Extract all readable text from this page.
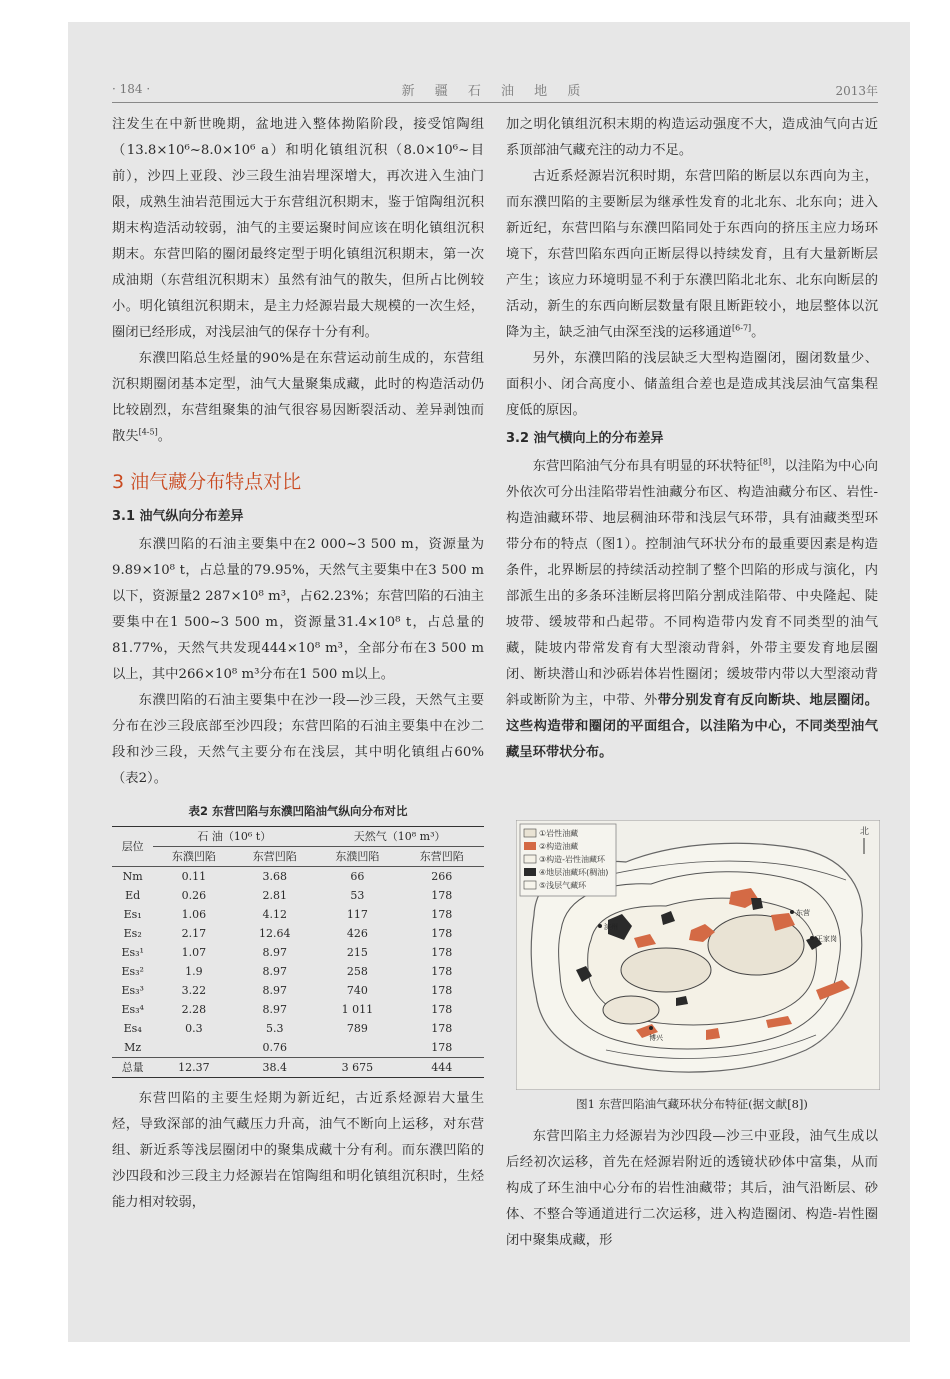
· 184 ·	新 疆 石 油 地 质	2013年

注发生在中新世晚期，盆地进入整体拗陷阶段，接受馆陶组（13.8×10⁶~8.0×10⁶ a）和明化镇组沉积（8.0×10⁶~目前），沙四上亚段、沙三段生油岩埋深增大，再次进入生油门限，成熟生油岩范围远大于东营组沉积期末，鉴于馆陶组沉积期末构造活动较弱，油气的主要运聚时间应该在明化镇组沉积期末。东营凹陷的圈闭最终定型于明化镇组沉积期末，第一次成油期（东营组沉积期末）虽然有油气的散失，但所占比例较小。明化镇组沉积期末，是主力烃源岩最大规模的一次生烃，圈闭已经形成，对浅层油气的保存十分有利。

东濮凹陷总生烃量的90%是在东营运动前生成的，东营组沉积期圈闭基本定型，油气大量聚集成藏，此时的构造活动仍比较剧烈，东营组聚集的油气很容易因断裂活动、差异剥蚀而散失[4-5]。

3 油气藏分布特点对比
3.1 油气纵向分布差异

东濮凹陷的石油主要集中在2 000~3 500 m，资源量为9.89×10⁸ t，占总量的79.95%，天然气主要集中在3 500 m以下，资源量2 287×10⁸ m³，占62.23%；东营凹陷的石油主要集中在1 500~3 500 m，资源量31.4×10⁸ t，占总量的81.77%，天然气共发现444×10⁸ m³，全部分布在3 500 m以上，其中266×10⁸ m³分布在1 500 m以上。

东濮凹陷的石油主要集中在沙一段—沙三段，天然气主要分布在沙三段底部至沙四段；东营凹陷的石油主要集中在沙二段和沙三段，天然气主要分布在浅层，其中明化镇组占60%（表2）。

表2 东营凹陷与东濮凹陷油气纵向分布对比
层位	石 油（10⁶ t）		天然气（10⁸ m³）	
	东濮凹陷	东营凹陷	东濮凹陷	东营凹陷
Nm	0.11	3.68	66	266
Ed	0.26	2.81	53	178
Es₁	1.06	4.12	117	178
Es₂	2.17	12.64	426	178
Es₃¹	1.07	8.97	215	178
Es₃²	1.9	8.97	258	178
Es₃³	3.22	8.97	740	178
Es₃⁴	2.28	8.97	1 011	178
Es₄	0.3	5.3	789	178
Mz		0.76		178
总量	12.37	38.4	3 675	444

东营凹陷的主要生烃期为新近纪，古近系烃源岩大量生烃，导致深部的油气藏压力升高，油气不断向上运移，对东营组、新近系等浅层圈闭中的聚集成藏十分有利。而东濮凹陷的沙四段和沙三段主力烃源岩在馆陶组和明化镇组沉积时，生烃能力相对较弱，

加之明化镇组沉积末期的构造运动强度不大，造成油气向古近系顶部油气藏充注的动力不足。

古近系烃源岩沉积时期，东营凹陷的断层以东西向为主，而东濮凹陷的主要断层为继承性发育的北北东、北东向；进入新近纪，东营凹陷与东濮凹陷同处于东西向的挤压主应力场环境下，东营凹陷东西向正断层得以持续发育，且有大量新断层产生；该应力环境明显不利于东濮凹陷北北东、北东向断层的活动，新生的东西向断层数量有限且断距较小，地层整体以沉降为主，缺乏油气由深至浅的运移通道[6-7]。

另外，东濮凹陷的浅层缺乏大型构造圈闭，圈闭数量少、面积小、闭合高度小、储盖组合差也是造成其浅层油气富集程度低的原因。

3.2 油气横向上的分布差异

东营凹陷油气分布具有明显的环状特征[8]，以洼陷为中心向外依次可分出洼陷带岩性油藏分布区、构造油藏分布区、岩性-构造油藏环带、地层稠油环带和浅层气环带，具有油藏类型环带分布的特点（图1）。控制油气环状分布的最重要因素是构造条件，北界断层的持续活动控制了整个凹陷的形成与演化，内部派生出的多条环洼断层将凹陷分割成洼陷带、中央隆起、陡坡带、缓坡带和凸起带。不同构造带内发育不同类型的油气藏，陡坡内带常发育有大型滚动背斜，外带主要发育地层圈闭、断块潜山和沙砾岩体岩性圈闭；缓坡带内带以大型滚动背斜或断阶为主，中带、外带分别发育有反向断块、地层圈闭。这些构造带和圈闭的平面组合，以洼陷为中心，不同类型油气藏呈环带状分布。

①岩性油藏
②构造油藏
③构造-岩性油藏环
④地层油藏环(稠油)
⑤浅层气藏环
北
东营
王家岗
滨州
博兴
图1 东营凹陷油气藏环状分布特征(据文献[8])

东营凹陷主力烃源岩为沙四段—沙三中亚段，油气生成以后经初次运移，首先在烃源岩附近的透镜状砂体中富集，从而构成了环生油中心分布的岩性油藏带；其后，油气沿断层、砂体、不整合等通道进行二次运移，进入构造圈闭、构造-岩性圈闭中聚集成藏，形
